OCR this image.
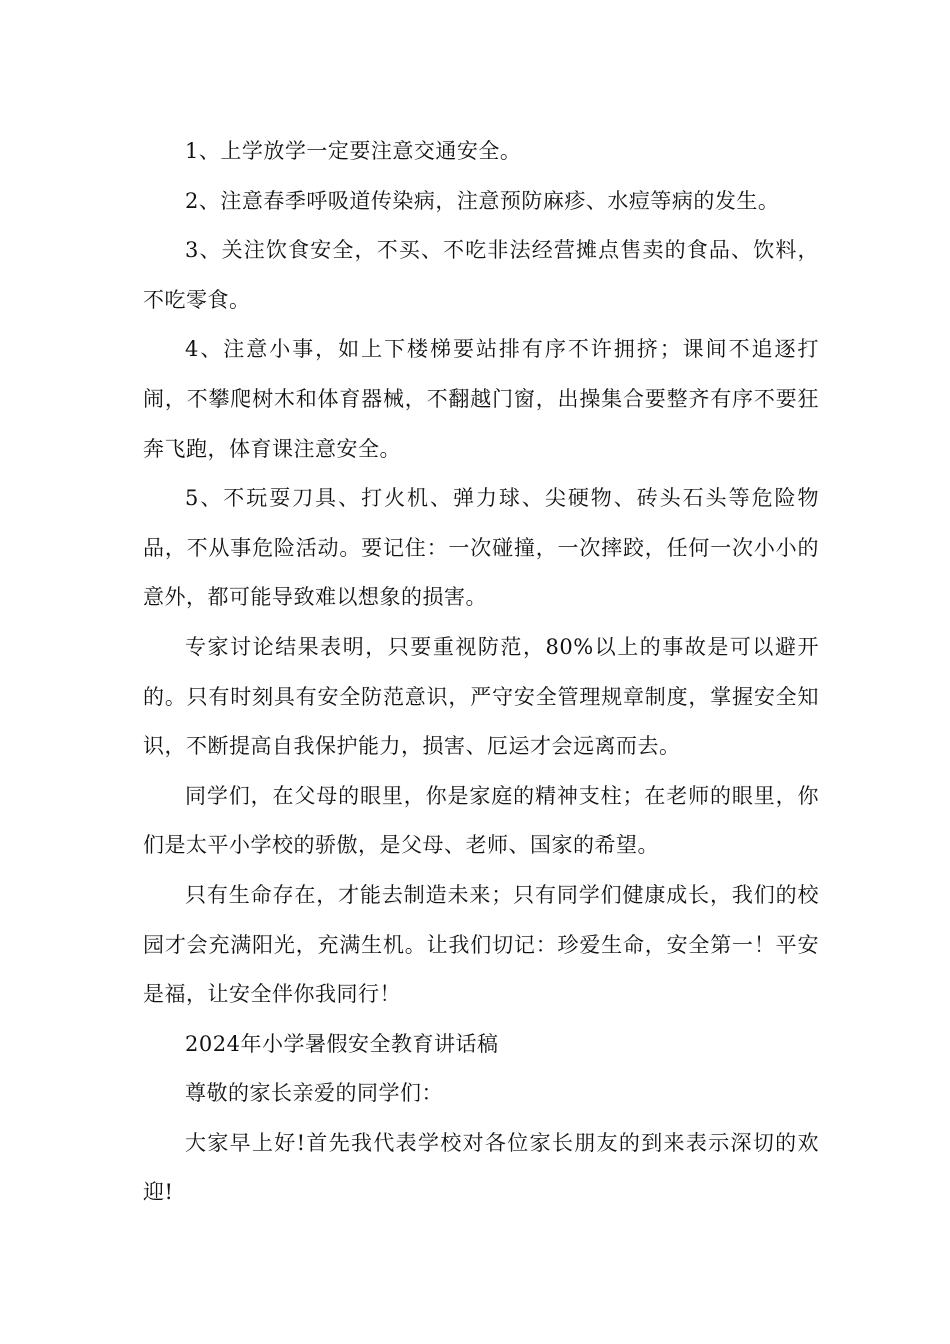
1、上学放学一定要注意交通安全。

2、注意春季呼吸道传染病，注意预防麻疹、水痘等病的发生。

3、关注饮食安全，不买、不吃非法经营摊点售卖的食品、饮料，不吃零食。

4、注意小事，如上下楼梯要站排有序不许拥挤；课间不追逐打闹，不攀爬树木和体育器械，不翻越门窗，出操集合要整齐有序不要狂奔飞跑，体育课注意安全。

5、不玩耍刀具、打火机、弹力球、尖硬物、砖头石头等危险物品，不从事危险活动。要记住：一次碰撞，一次摔跤，任何一次小小的意外，都可能导致难以想象的损害。

专家讨论结果表明，只要重视防范，80%以上的事故是可以避开的。只有时刻具有安全防范意识，严守安全管理规章制度，掌握安全知识，不断提高自我保护能力，损害、厄运才会远离而去。

同学们，在父母的眼里，你是家庭的精神支柱；在老师的眼里，你们是太平小学校的骄傲，是父母、老师、国家的希望。

只有生命存在，才能去制造未来；只有同学们健康成长，我们的校园才会充满阳光，充满生机。让我们切记：珍爱生命，安全第一！平安是福，让安全伴你我同行！

2024年小学暑假安全教育讲话稿

尊敬的家长亲爱的同学们：

大家早上好!首先我代表学校对各位家长朋友的到来表示深切的欢迎!
